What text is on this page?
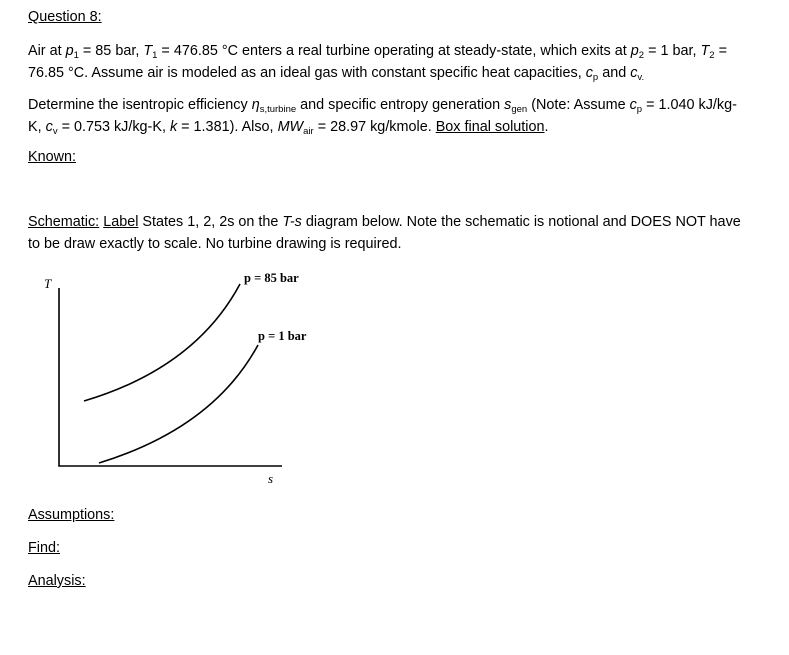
Question 8:
Air at $p_1 = 85$ bar, $T_1 = 476.85$ °C enters a real turbine operating at steady-state, which exits at $p_2 = 1$ bar, $T_2 = 76.85$ °C. Assume air is modeled as an ideal gas with constant specific heat capacities, $c_p$ and $c_{v.}$
Determine the isentropic efficiency $\eta_{s,turbine}$ and specific entropy generation $s_{gen}$ (Note: Assume $c_p = 1.040$ kJ/kg-
K, $c_v = 0.753$ kJ/kg-K, k = 1.381). Also, $MW_{air} = 28.97$ kg/kmole. Box final solution.
Known:
Schematic: Label States 1, 2, 2s on the T-s diagram below. Note the schematic is notional and DOES NOT have
to be draw exactly to scale. No turbine drawing is required.
T	p = 85 bar
p = 1 bar
s
Assumptions:
Find:
Analysis:
